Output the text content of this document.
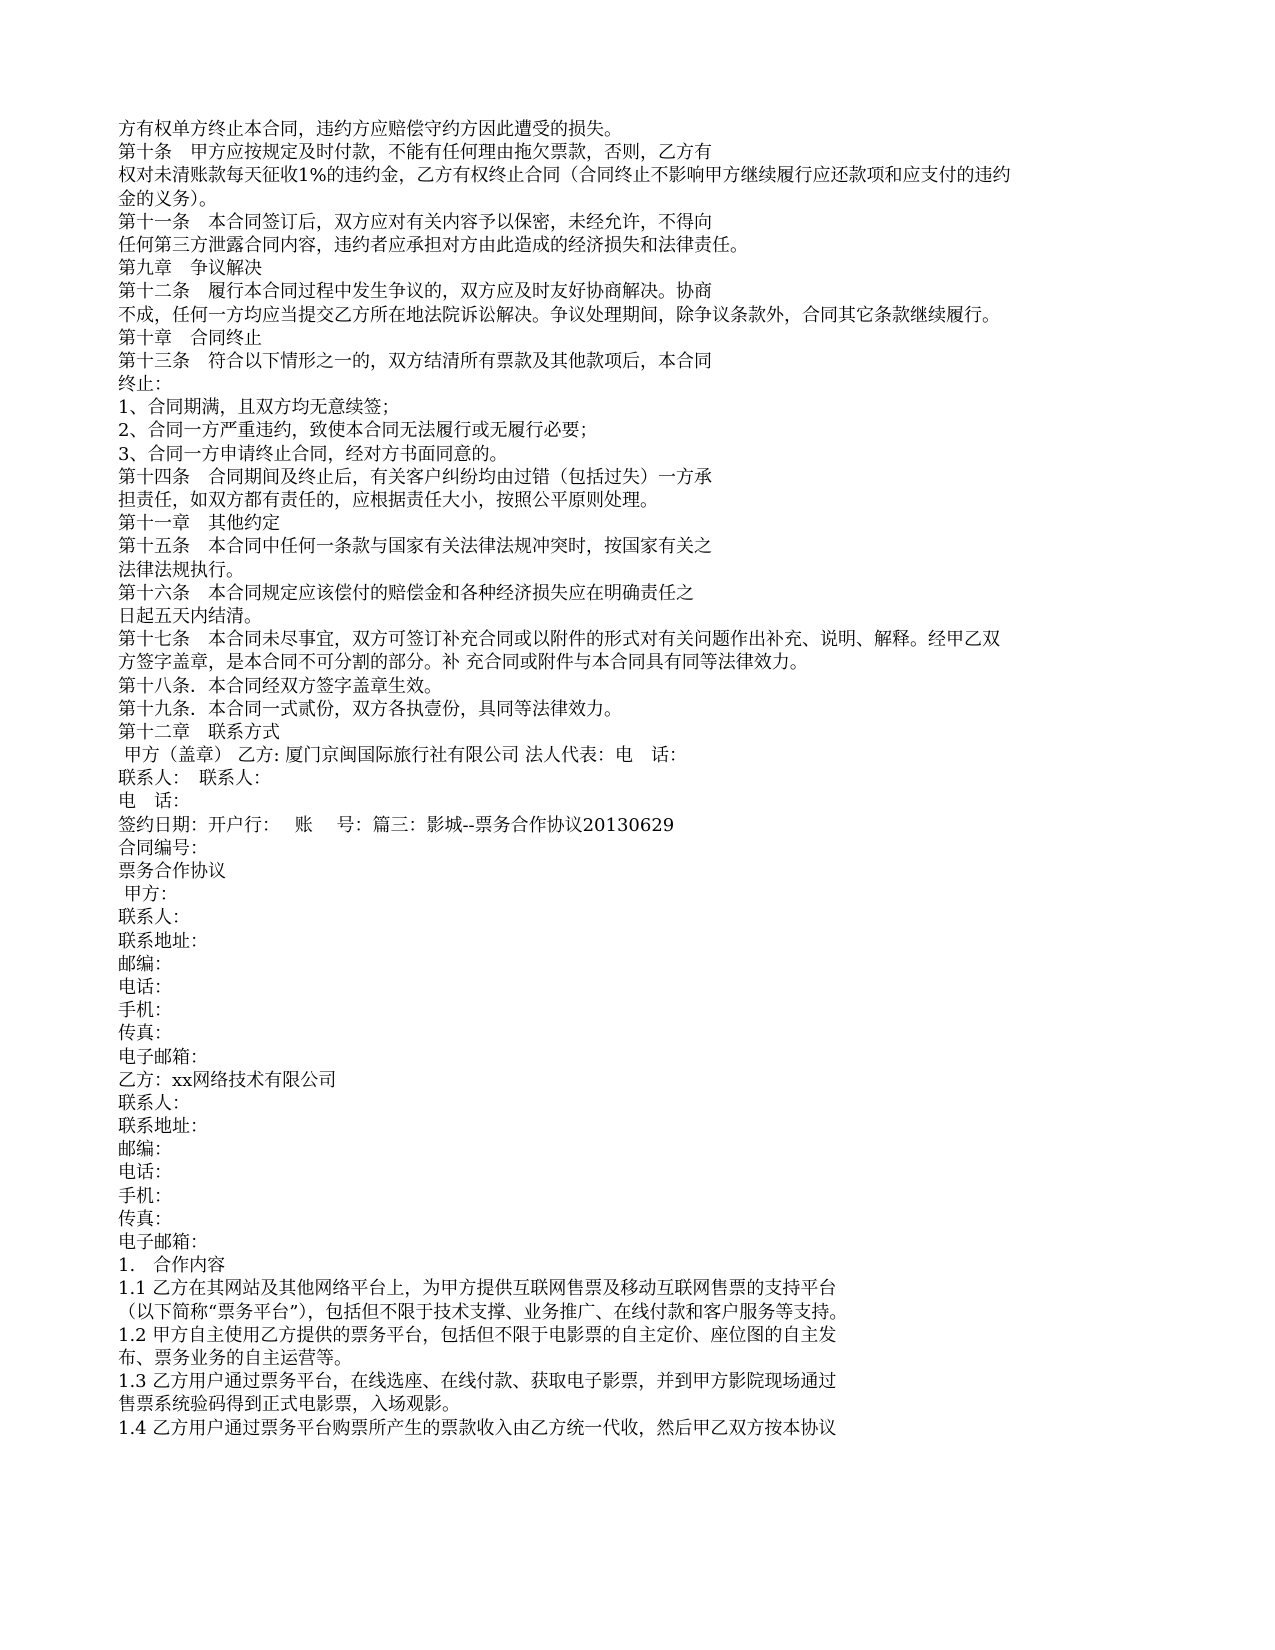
方有权单方终止本合同，违约方应赔偿守约方因此遭受的损失。
第十条　甲方应按规定及时付款，不能有任何理由拖欠票款，否则，乙方有
权对未清账款每天征收1%的违约金，乙方有权终止合同（合同终止不影响甲方继续履行应还款项和应支付的违约
金的义务）。
第十一条　本合同签订后，双方应对有关内容予以保密，未经允许，不得向
任何第三方泄露合同内容，违约者应承担对方由此造成的经济损失和法律责任。
第九章　争议解决
第十二条　履行本合同过程中发生争议的，双方应及时友好协商解决。协商
不成，任何一方均应当提交乙方所在地法院诉讼解决。争议处理期间，除争议条款外，合同其它条款继续履行。
第十章　合同终止
第十三条　符合以下情形之一的，双方结清所有票款及其他款项后，本合同
终止：
1、合同期满，且双方均无意续签；
2、合同一方严重违约，致使本合同无法履行或无履行必要；
3、合同一方申请终止合同，经对方书面同意的。
第十四条　合同期间及终止后，有关客户纠纷均由过错（包括过失）一方承
担责任，如双方都有责任的，应根据责任大小，按照公平原则处理。
第十一章　其他约定
第十五条　本合同中任何一条款与国家有关法律法规冲突时，按国家有关之
法律法规执行。
第十六条　本合同规定应该偿付的赔偿金和各种经济损失应在明确责任之
日起五天内结清。
第十七条　本合同未尽事宜，双方可签订补充合同或以附件的形式对有关问题作出补充、说明、解释。经甲乙双
方签字盖章，是本合同不可分割的部分。补 充合同或附件与本合同具有同等法律效力。
第十八条．本合同经双方签字盖章生效。
第十九条．本合同一式贰份，双方各执壹份，具同等法律效力。
第十二章　联系方式
甲方（盖章） 乙方: 厦门京闽国际旅行社有限公司 法人代表：电　话：
联系人：　联系人：
电　话：
签约日期：开户行：　 账　 号：篇三：影城--票务合作协议20130629
合同编号：
票务合作协议
甲方：
联系人：
联系地址：
邮编：
电话：
手机：
传真：
电子邮箱：
乙方：xx网络技术有限公司
联系人：
联系地址：
邮编：
电话：
手机：
传真：
电子邮箱：
1.　合作内容
1.1 乙方在其网站及其他网络平台上，为甲方提供互联网售票及移动互联网售票的支持平台
（以下简称“票务平台”），包括但不限于技术支撑、业务推广、在线付款和客户服务等支持。
1.2 甲方自主使用乙方提供的票务平台，包括但不限于电影票的自主定价、座位图的自主发
布、票务业务的自主运营等。
1.3 乙方用户通过票务平台，在线选座、在线付款、获取电子影票，并到甲方影院现场通过
售票系统验码得到正式电影票，入场观影。
1.4 乙方用户通过票务平台购票所产生的票款收入由乙方统一代收，然后甲乙双方按本协议
